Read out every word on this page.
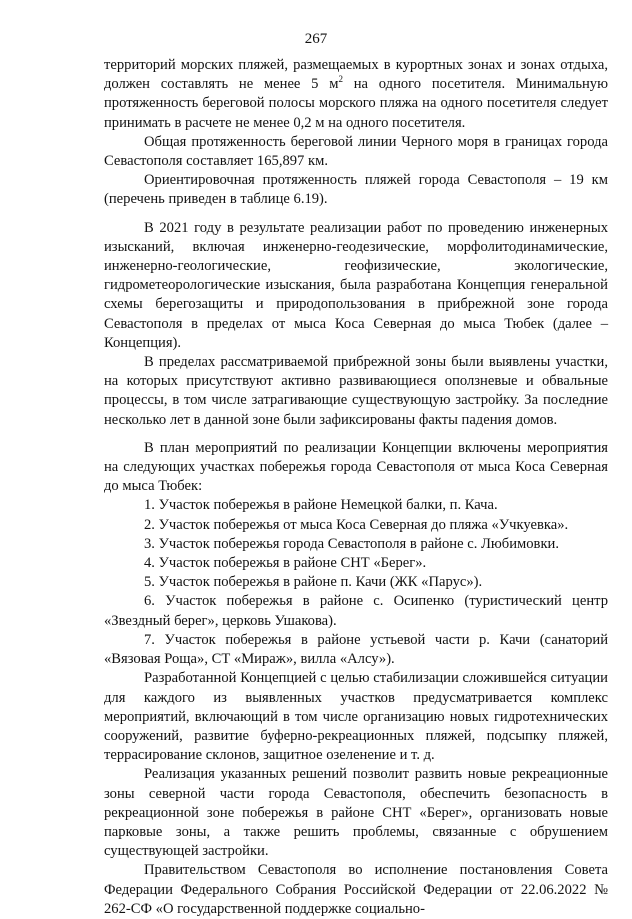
267

территорий морских пляжей, размещаемых в курортных зонах и зонах отдыха, должен составлять не менее 5 $м^2$ на одного посетителя. Минимальную протяженность береговой полосы морского пляжа на одного посетителя следует принимать в расчете не менее 0,2 м на одного посетителя.

Общая протяженность береговой линии Черного моря в границах города Севастополя составляет 165,897 км.

Ориентировочная протяженность пляжей города Севастополя – 19 км (перечень приведен в таблице 6.19).

В 2021 году в результате реализации работ по проведению инженерных изысканий, включая инженерно-геодезические, морфолитодинамические, инженерно-геологические, геофизические, экологические, гидрометеорологические изыскания, была разработана Концепция генеральной схемы берегозащиты и природопользования в прибрежной зоне города Севастополя в пределах от мыса Коса Северная до мыса Тюбек (далее – Концепция).

В пределах рассматриваемой прибрежной зоны были выявлены участки, на которых присутствуют активно развивающиеся оползневые и обвальные процессы, в том числе затрагивающие существующую застройку. За последние несколько лет в данной зоне были зафиксированы факты падения домов.

В план мероприятий по реализации Концепции включены мероприятия на следующих участках побережья города Севастополя от мыса Коса Северная до мыса Тюбек:

1. Участок побережья в районе Немецкой балки, п. Кача.
2. Участок побережья от мыса Коса Северная до пляжа «Учкуевка».
3. Участок побережья города Севастополя в районе с. Любимовки.
4. Участок побережья в районе СНТ «Берег».
5. Участок побережья в районе п. Качи (ЖК «Парус»).
6. Участок побережья в районе с. Осипенко (туристический центр «Звездный берег», церковь Ушакова).
7. Участок побережья в районе устьевой части р. Качи (санаторий «Вязовая Роща», СТ «Мираж», вилла «Алсу»).

Разработанной Концепцией с целью стабилизации сложившейся ситуации для каждого из выявленных участков предусматривается комплекс мероприятий, включающий в том числе организацию новых гидротехнических сооружений, развитие буферно-рекреационных пляжей, подсыпку пляжей, террасирование склонов, защитное озеленение и т. д.

Реализация указанных решений позволит развить новые рекреационные зоны северной части города Севастополя, обеспечить безопасность в рекреационной зоне побережья в районе СНТ «Берег», организовать новые парковые зоны, а также решить проблемы, связанные с обрушением существующей застройки.

Правительством Севастополя во исполнение постановления Совета Федерации Федерального Собрания Российской Федерации от 22.06.2022 № 262-СФ «О государственной поддержке социально-
